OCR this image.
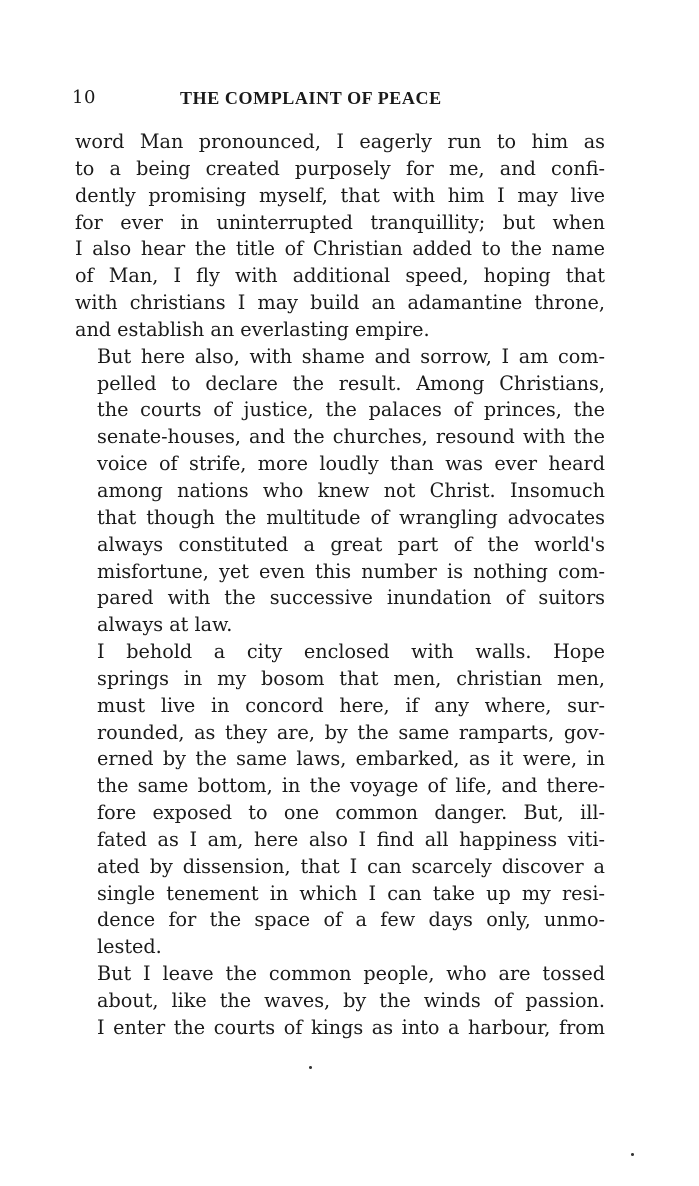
10	THE COMPLAINT OF PEACE

word Man pronounced, I eagerly run to him as
to a being created purposely for me, and confi-
dently promising myself, that with him I may live
for ever in uninterrupted tranquillity; but when
I also hear the title of Christian added to the name
of Man, I fly with additional speed, hoping that
with christians I may build an adamantine throne,
and establish an everlasting empire.

But here also, with shame and sorrow, I am com-
pelled to declare the result. Among Christians,
the courts of justice, the palaces of princes, the
senate-houses, and the churches, resound with the
voice of strife, more loudly than was ever heard
among nations who knew not Christ. Insomuch
that though the multitude of wrangling advocates
always constituted a great part of the world's
misfortune, yet even this number is nothing com-
pared with the successive inundation of suitors
always at law.

I behold a city enclosed with walls. Hope
springs in my bosom that men, christian men,
must live in concord here, if any where, sur-
rounded, as they are, by the same ramparts, gov-
erned by the same laws, embarked, as it were, in
the same bottom, in the voyage of life, and there-
fore exposed to one common danger. But, ill-
fated as I am, here also I find all happiness viti-
ated by dissension, that I can scarcely discover a
single tenement in which I can take up my resi-
dence for the space of a few days only, unmo-
lested.

But I leave the common people, who are tossed
about, like the waves, by the winds of passion.
I enter the courts of kings as into a harbour, from
